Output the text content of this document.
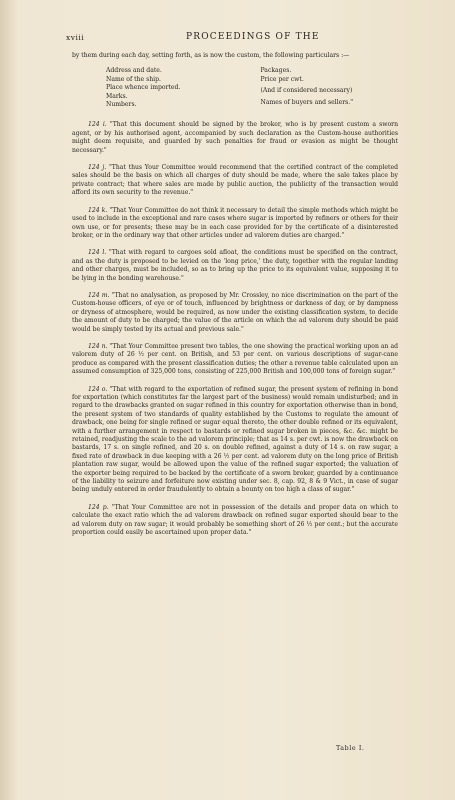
xviii	PROCEEDINGS OF THE

by them during each day, setting forth, as is now the custom, the following particulars :—

Address and date.
Name of the ship.
Place whence imported.
Marks.
Numbers.
Packages.
Price per cwt.
(And if considered necessary)
Names of buyers and sellers."

124 i. "That this document should be signed by the broker, who is by present custom a sworn agent, or by his authorised agent, accompanied by such declaration as the Custom-house authorities might deem requisite, and guarded by such penalties for fraud or evasion as might be thought necessary."

124 j. "That thus Your Committee would recommend that the certified contract of the completed sales should be the basis on which all charges of duty should be made, where the sale takes place by private contract; that where sales are made by public auction, the publicity of the transaction would afford its own security to the revenue."

124 k. "That Your Committee do not think it necessary to detail the simple methods which might be used to include in the exceptional and rare cases where sugar is imported by refiners or others for their own use, or for presents; these may be in each case provided for by the certificate of a disinterested broker, or in the ordinary way that other articles under ad valorem duties are charged."

124 l. "That with regard to cargoes sold afloat, the conditions must be specified on the contract, and as the duty is proposed to be levied on the 'long price,' the duty, together with the regular landing and other charges, must be included, so as to bring up the price to its equivalent value, supposing it to be lying in the bonding warehouse."

124 m. "That no analysation, as proposed by Mr. Crossley, no nice discrimination on the part of the Custom-house officers, of eye or of touch, influenced by brightness or darkness of day, or by dampness or dryness of atmosphere, would be required, as now under the existing classification system, to decide the amount of duty to be charged; the value of the article on which the ad valorem duty should be paid would be simply tested by its actual and previous sale."

124 n. "That Your Committee present two tables, the one showing the practical working upon an ad valorem duty of 26 ½ per cent. on British, and 53 per cent. on various descriptions of sugar-cane produce as compared with the present classification duties; the other a revenue table calculated upon an assumed consumption of 325,000 tons, consisting of 225,000 British and 100,000 tons of foreign sugar."

124 o. "That with regard to the exportation of refined sugar, the present system of refining in bond for exportation (which constitutes far the largest part of the business) would remain undisturbed; and in regard to the drawbacks granted on sugar refined in this country for exportation otherwise than in bond, the present system of two standards of quality established by the Customs to regulate the amount of drawback, one being for single refined or sugar equal thereto, the other double refined or its equivalent, with a further arrangement in respect to bastards or refined sugar broken in pieces, &c. &c. might be retained, readjusting the scale to the ad valorem principle; that as 14 s. per cwt. is now the drawback on bastards, 17 s. on single refined, and 20 s. on double refined, against a duty of 14 s. on raw sugar, a fixed rate of drawback in due keeping with a 26 ½ per cent. ad valorem duty on the long price of British plantation raw sugar, would be allowed upon the value of the refined sugar exported; the valuation of the exporter being required to be backed by the certificate of a sworn broker, guarded by a continuance of the liability to seizure and forfeiture now existing under sec. 8, cap. 92, 8 & 9 Vict., in case of sugar being unduly entered in order fraudulently to obtain a bounty on too high a class of sugar."

124 p. "That Your Committee are not in possession of the details and proper data on which to calculate the exact ratio which the ad valorem drawback on refined sugar exported should bear to the ad valorem duty on raw sugar; it would probably be something short of 26 ½ per cent.; but the accurate proportion could easily be ascertained upon proper data."

Table I.
